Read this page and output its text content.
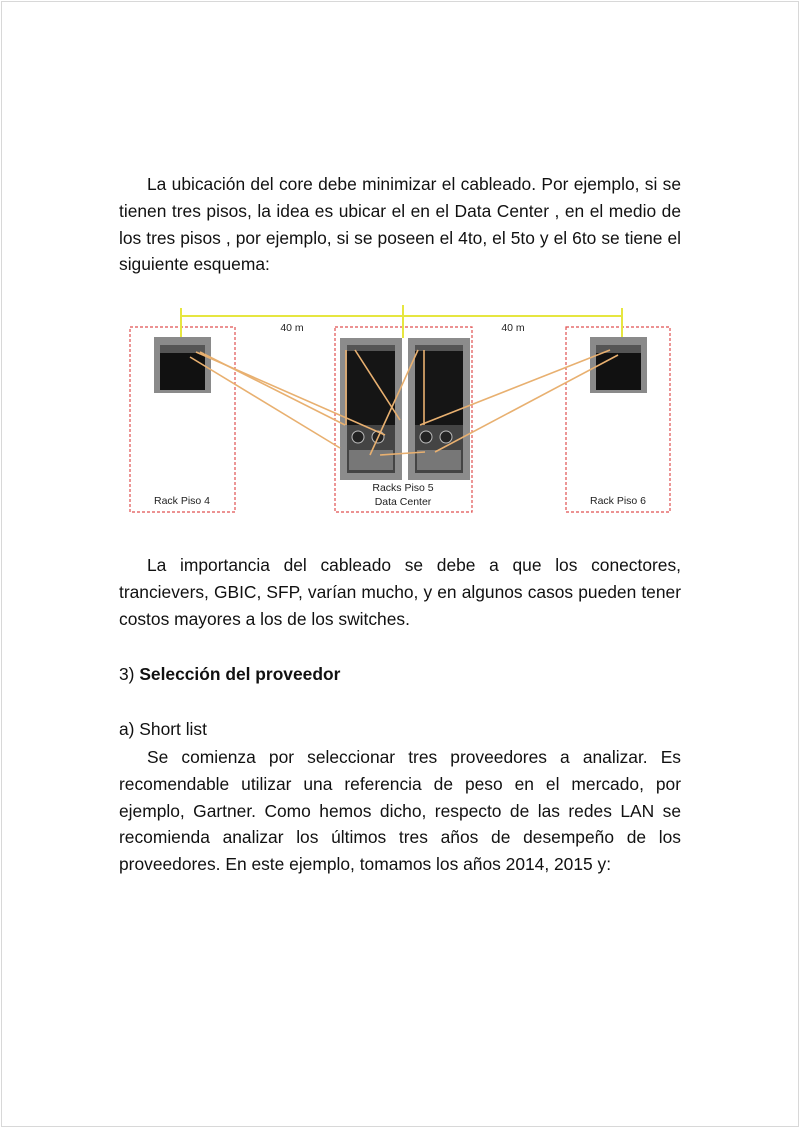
La ubicación del core debe minimizar el cableado. Por ejemplo, si se tienen tres pisos, la idea es ubicar el en el Data Center , en el medio de los tres pisos , por ejemplo, si se poseen el 4to, el 5to y el 6to se tiene el siguiente esquema:

40 m	40 m
Rack Piso 4
Racks Piso 5
Data Center	Rack Piso 6

La importancia del cableado se debe a que los conectores, trancievers, GBIC, SFP, varían mucho, y en algunos casos pueden tener costos mayores a los de los switches.

3) Selección del proveedor

a) Short list

Se comienza por seleccionar tres proveedores a analizar. Es recomendable utilizar una referencia de peso en el mercado, por ejemplo, Gartner. Como hemos dicho, respecto de las redes LAN se recomienda analizar los últimos tres años de desempeño de los proveedores. En este ejemplo, tomamos los años 2014, 2015 y:
